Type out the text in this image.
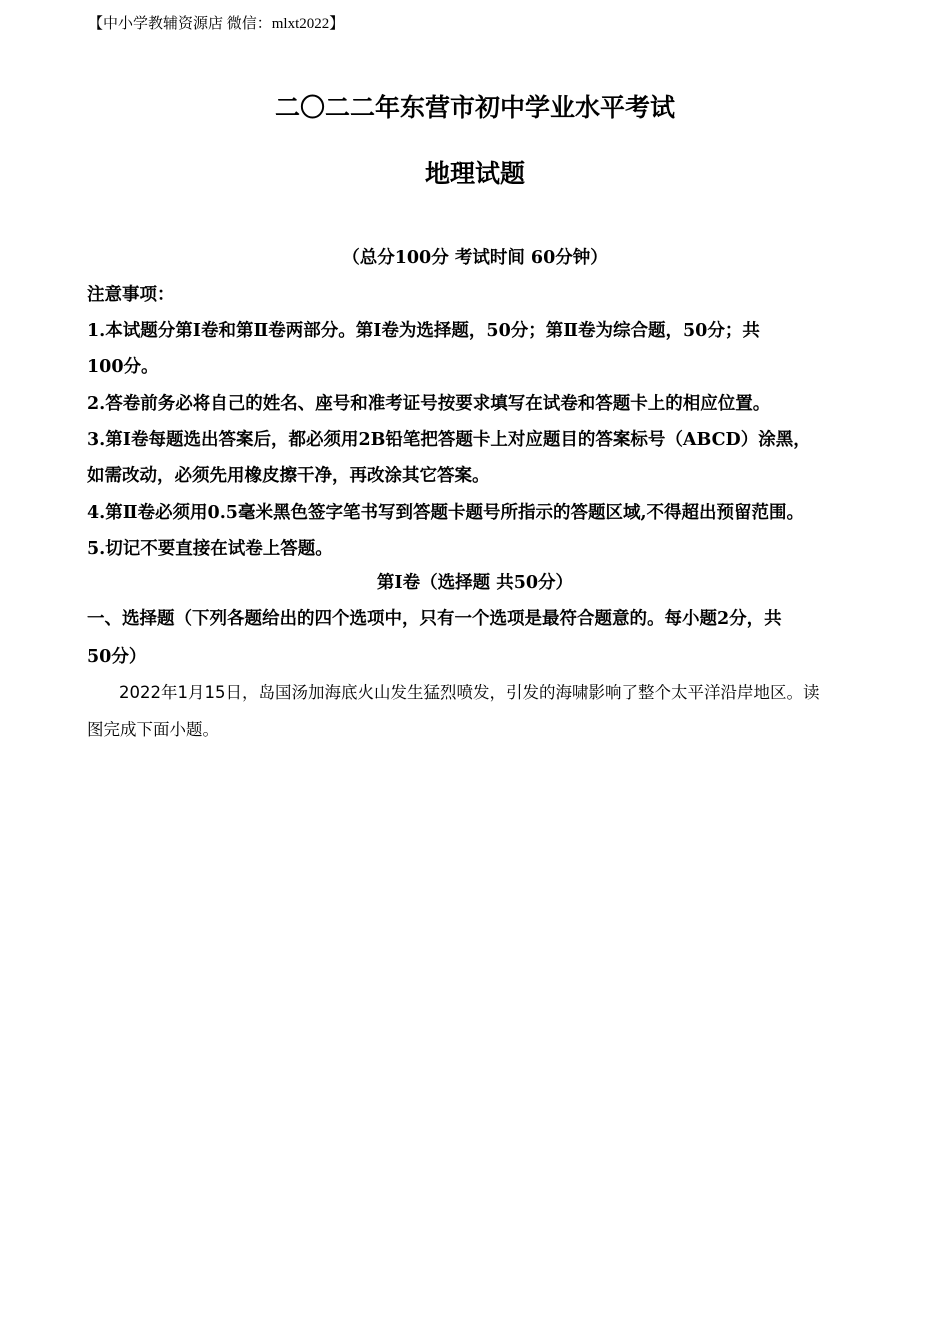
【中小学教辅资源店 微信：mlxt2022】
二〇二二年东营市初中学业水平考试
地理试题
（总分100分 考试时间 60分钟）
注意事项：
1.本试题分第Ⅰ卷和第Ⅱ卷两部分。第Ⅰ卷为选择题，50分；第Ⅱ卷为综合题，50分；共
100分。
2.答卷前务必将自己的姓名、座号和准考证号按要求填写在试卷和答题卡上的相应位置。
3.第Ⅰ卷每题选出答案后，都必须用2B铅笔把答题卡上对应题目的答案标号（ABCD）涂黑，
如需改动，必须先用橡皮擦干净，再改涂其它答案。
4.第Ⅱ卷必须用0.5毫米黑色签字笔书写到答题卡题号所指示的答题区域,不得超出预留范围。
5.切记不要直接在试卷上答题。
第Ⅰ卷（选择题 共50分）
一、选择题（下列各题给出的四个选项中，只有一个选项是最符合题意的。每小题2分，共
50分）
2022年1月15日，岛国汤加海底火山发生猛烈喷发，引发的海啸影响了整个太平洋沿岸地区。读
图完成下面小题。
